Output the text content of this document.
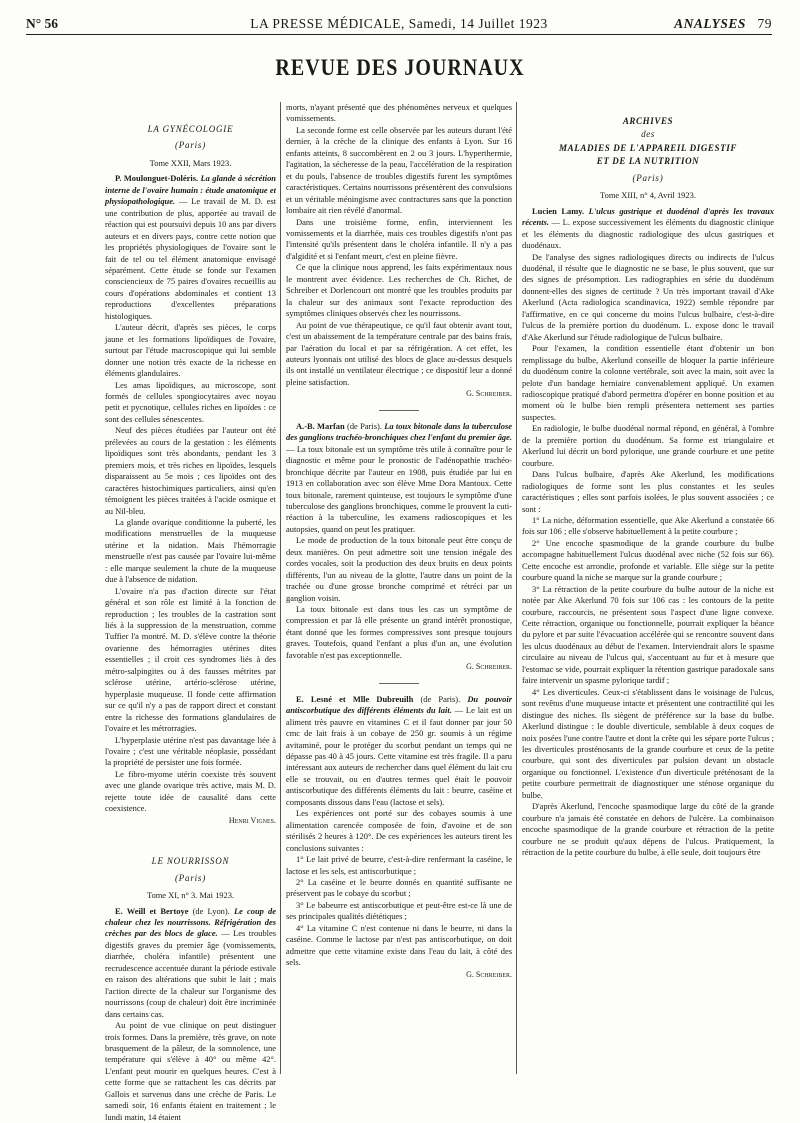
N° 56	LA PRESSE MÉDICALE, Samedi, 14 Juillet 1923	ANALYSES 79
REVUE DES JOURNAUX

LA GYNÉCOLOGIE

(Paris)

Tome XXII, Mars 1923.

P. Moulonguet-Doléris. La glande à sécrétion interne de l'ovaire humain : étude anatomique et physiopathologique. — Le travail de M. D. est une contribution de plus, apportée au travail de réaction qui est poursuivi depuis 10 ans par divers auteurs et en divers pays, contre cette notion que les propriétés physiologiques de l'ovaire sont le fait de tel ou tel élément anatomique envisagé séparément. Cette étude se fonde sur l'examen consciencieux de 75 paires d'ovaires recueillis au cours d'opérations abdominales et contient 13 reproductions d'excellentes préparations histologiques.

L'auteur décrit, d'après ses pièces, le corps jaune et les formations lipoïdiques de l'ovaire, surtout par l'étude macroscopique qui lui semble donner une notion très exacte de la richesse en éléments glandulaires.

Les amas lipoïdiques, au microscope, sont formés de cellules spongiocytaires avec noyau petit et pycnotique, cellules riches en lipoïdes : ce sont des cellules sénescentes.

Neuf des pièces étudiées par l'auteur ont été prélevées au cours de la gestation : les éléments lipoïdiques sont très abondants, pendant les 3 premiers mois, et très riches en lipoïdes, lesquels disparaissent au 5e mois ; ces lipoïdes ont des caractères histochimiques particuliers, ainsi qu'en témoignent les pièces traitées à l'acide osmique et au Nil-bleu.

La glande ovarique conditionne la puberté, les modifications menstruelles de la muqueuse utérine et la nidation. Mais l'hémorragie menstruelle n'est pas causée par l'ovaire lui-même : elle marque seulement la chute de la muqueuse due à l'absence de nidation.

L'ovaire n'a pas d'action directe sur l'état général et son rôle est limité à la fonction de reproduction ; les troubles de la castration sont liés à la suppression de la menstruation, comme Tuffier l'a montré. M. D. s'élève contre la théorie ovarienne des hémorragies utérines dites essentielles ; il croit ces syndromes liés à des métro-salpingites ou à des fausses métrites par sclérose utérine, artério-sclérose utérine, hyperplasie muqueuse. Il fonde cette affirmation sur ce qu'il n'y a pas de rapport direct et constant entre la richesse des formations glandulaires de l'ovaire et les métrorragies.

L'hyperplasie utérine n'est pas davantage liée à l'ovaire ; c'est une véritable néoplasie, possédant la propriété de persister une fois formée.

Le fibro-myome utérin coexiste très souvent avec une glande ovarique très active, mais M. D. rejette toute idée de causalité dans cette coexistence.

Henri Vignes.

LE NOURRISSON

(Paris)

Tome XI, n° 3. Mai 1923.

E. Weill et Bertoye (de Lyon). Le coup de chaleur chez les nourrissons. Réfrigération des crèches par des blocs de glace. — Les troubles digestifs graves du premier âge (vomissements, diarrhée, choléra infantile) présentent une recrudescence accentuée durant la période estivale en raison des altérations que subit le lait ; mais l'action directe de la chaleur sur l'organisme des nourrissons (coup de chaleur) doit être incriminée dans certains cas.

Au point de vue clinique on peut distinguer trois formes. Dans la première, très grave, on note brusquement de la pâleur, de la somnolence, une température qui s'élève à 40° ou même 42°. L'enfant peut mourir en quelques heures. C'est à cette forme que se rattachent les cas décrits par Gallois et survenus dans une crèche de Paris. Le samedi soir, 16 enfants étaient en traitement ; le lundi matin, 14 étaient

morts, n'ayant présenté que des phénomènes nerveux et quelques vomissements.

La seconde forme est celle observée par les auteurs durant l'été dernier, à la crèche de la clinique des enfants à Lyon. Sur 16 enfants atteints, 8 succombèrent en 2 ou 3 jours. L'hyperthermie, l'agitation, la sécheresse de la peau, l'accélération de la respiration et du pouls, l'absence de troubles digestifs furent les symptômes caractéristiques. Certains nourrissons présentèrent des convulsions et un véritable méningisme avec contractures sans que la ponction lombaire ait rien révélé d'anormal.

Dans une troisième forme, enfin, interviennent les vomissements et la diarrhée, mais ces troubles digestifs n'ont pas l'intensité qu'ils présentent dans le choléra infantile. Il n'y a pas d'algidité et si l'enfant meurt, c'est en pleine fièvre.

Ce que la clinique nous apprend, les faits expérimentaux nous le montrent avec évidence. Les recherches de Ch. Richet, de Schreiber et Dorlencourt ont montré que les troubles produits par la chaleur sur des animaux sont l'exacte reproduction des symptômes cliniques observés chez les nourrissons.

Au point de vue thérapeutique, ce qu'il faut obtenir avant tout, c'est un abaissement de la température centrale par des bains frais, par l'aération du local et par sa réfrigération. A cet effet, les auteurs lyonnais ont utilisé des blocs de glace au-dessus desquels ils ont installé un ventilateur électrique ; ce dispositif leur a donné pleine satisfaction.

G. Schreiber.

A.-B. Marfan (de Paris). La toux bitonale dans la tuberculose des ganglions trachéo-bronchiques chez l'enfant du premier âge. — La toux bitonale est un symptôme très utile à connaître pour le diagnostic et même pour le pronostic de l'adénopathie trachéo-bronchique décrite par l'auteur en 1908, puis étudiée par lui en 1913 en collaboration avec son élève Mme Dora Mantoux. Cette toux bitonale, rarement quinteuse, est toujours le symptôme d'une tuberculose des ganglions bronchiques, comme le prouvent la cuti-réaction à la tuberculine, les examens radioscopiques et les autopsies, quand on peut les pratiquer.

Le mode de production de la toux bitonale peut être conçu de deux manières. On peut admettre soit une tension inégale des cordes vocales, soit la production des deux bruits en deux points différents, l'un au niveau de la glotte, l'autre dans un point de la trachée ou d'une grosse bronche comprimé et rétréci par un ganglion voisin.

La toux bitonale est dans tous les cas un symptôme de compression et par là elle présente un grand intérêt pronostique, étant donné que les formes compressives sont presque toujours graves. Toutefois, quand l'enfant a plus d'un an, une évolution favorable n'est pas exceptionnelle.

G. Schreiber.

E. Lesné et Mlle Dubreuilh (de Paris). Du pouvoir antiscorbutique des différents éléments du lait. — Le lait est un aliment très pauvre en vitamines C et il faut donner par jour 50 cmc de lait frais à un cobaye de 250 gr. soumis à un régime avitaminé, pour le protéger du scorbut pendant un temps qui ne dépasse pas 40 à 45 jours. Cette vitamine est très fragile. Il a paru intéressant aux auteurs de rechercher dans quel élément du lait cru elle se trouvait, ou en d'autres termes quel était le pouvoir antiscorbutique des différents éléments du lait : beurre, caséine et composants dissous dans l'eau (lactose et sels).

Les expériences ont porté sur des cobayes soumis à une alimentation carencée composée de foin, d'avoine et de son stérilisés 2 heures à 120°. De ces expériences les auteurs tirent les conclusions suivantes :

1° Le lait privé de beurre, c'est-à-dire renfermant la caséine, le lactose et les sels, est antiscorbutique ;

2° La caséine et le beurre donnés en quantité suffisante ne préservent pas le cobaye du scorbut ;

3° Le babeurre est antiscorbutique et peut-être est-ce là une de ses principales qualités diététiques ;

4° La vitamine C n'est contenue ni dans le beurre, ni dans la caséine. Comme le lactose par n'est pas antiscorbutique, on doit admettre que cette vitamine existe dans l'eau du lait, à côté des sels.

G. Schreiber.

ARCHIVES

des

MALADIES DE L'APPAREIL DIGESTIF

ET DE LA NUTRITION

(Paris)

Tome XIII, n° 4, Avril 1923.

Lucien Lamy. L'ulcus gastrique et duodénal d'après les travaux récents. — L. expose successivement les éléments du diagnostic clinique et les éléments du diagnostic radiologique des ulcus gastriques et duodénaux.

De l'analyse des signes radiologiques directs ou indirects de l'ulcus duodénal, il résulte que le diagnostic ne se base, le plus souvent, que sur des signes de présomption. Les radiographies en série du duodénum donnent-elles des signes de certitude ? Un très important travail d'Ake Akerlund (Acta radiologica scandinavica, 1922) semble répondre par l'affirmative, en ce qui concerne du moins l'ulcus bulbaire, c'est-à-dire l'ulcus de la première portion du duodénum. L. expose donc le travail d'Ake Akerlund sur l'étude radiologique de l'ulcus bulbaire.

Pour l'examen, la condition essentielle étant d'obtenir un bon remplissage du bulbe, Akerlund conseille de bloquer la partie inférieure du duodénum contre la colonne vertébrale, soit avec la main, soit avec la pelote d'un bandage herniaire convenablement appliqué. Un examen radioscopique pratiqué d'abord permettra d'opérer en bonne position et au moment où le bulbe bien rempli présentera nettement ses parties suspectes.

En radiologie, le bulbe duodénal normal répond, en général, à l'ombre de la première portion du duodénum. Sa forme est triangulaire et Akerlund lui décrit un bord pylorique, une grande courbure et une petite courbure.

Dans l'ulcus bulbaire, d'après Ake Akerlund, les modifications radiologiques de forme sont les plus constantes et les seules caractéristiques ; elles sont parfois isolées, le plus souvent associées ; ce sont :

1° La niche, déformation essentielle, que Ake Akerlund a constatée 66 fois sur 106 ; elle s'observe habituellement à la petite courbure ;

2° Une encoche spasmodique de la grande courbure du bulbe accompagne habituellement l'ulcus duodénal avec niche (52 fois sur 66). Cette encoche est arrondie, profonde et variable. Elle siège sur la petite courbure quand la niche se marque sur la grande courbure ;

3° La rétraction de la petite courbure du bulbe autour de la niche est notée par Ake Akerlund 70 fois sur 106 cas : les contours de la petite courbure, raccourcis, ne présentent sous l'aspect d'une ligne convexe. Cette rétraction, organique ou fonctionnelle, pourrait expliquer la béance du pylore et par suite l'évacuation accélérée qui se rencontre souvent dans les ulcus duodénaux au début de l'examen. Interviendrait alors le spasme circulaire au niveau de l'ulcus qui, s'accentuant au fur et à mesure que l'estomac se vide, pourrait expliquer la rétention gastrique paradoxale sans faire intervenir un spasme pylorique tardif ;

4° Les diverticules. Ceux-ci s'établissent dans le voisinage de l'ulcus, sont revêtus d'une muqueuse intacte et présentent une contractilité qui les distingue des niches. Ils siègent de préférence sur la base du bulbe. Akerlund distingue : le double diverticule, semblable à deux coques de noix posées l'une contre l'autre et dont la crête qui les sépare porte l'ulcus ; les diverticules prosténosants de la grande courbure et ceux de la petite courbure, qui sont des diverticules par pulsion devant un obstacle organique ou fonctionnel. L'existence d'un diverticule préténosant de la petite courbure permettrait de diagnostiquer une sténose organique du bulbe.

D'après Akerlund, l'encoche spasmodique large du côté de la grande courbure n'a jamais été constatée en dehors de l'ulcère. La combinaison encoche spasmodique de la grande courbure et rétraction de la petite courbure ne se produit qu'aux dépens de l'ulcus. Pratiquement, la rétraction de la petite courbure du bulbe, à elle seule, doit toujours être
